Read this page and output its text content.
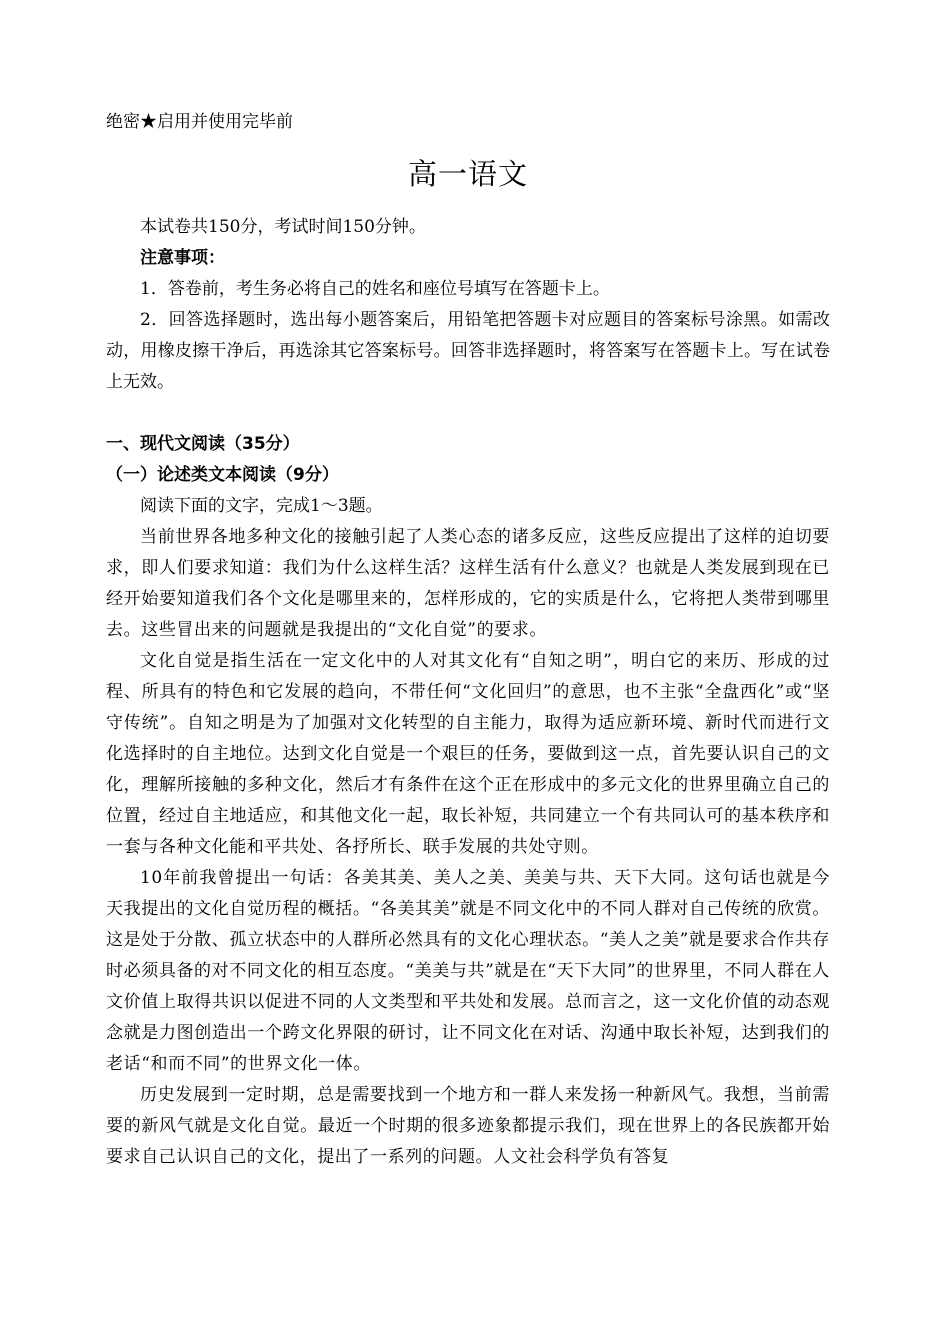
绝密★启用并使用完毕前
高一语文

本试卷共150分，考试时间150分钟。

注意事项：

1．答卷前，考生务必将自己的姓名和座位号填写在答题卡上。

2．回答选择题时，选出每小题答案后，用铅笔把答题卡对应题目的答案标号涂黑。如需改动，用橡皮擦干净后，再选涂其它答案标号。回答非选择题时，将答案写在答题卡上。写在试卷上无效。

一、现代文阅读（35分）

（一）论述类文本阅读（9分）

阅读下面的文字，完成1～3题。

当前世界各地多种文化的接触引起了人类心态的诸多反应，这些反应提出了这样的迫切要求，即人们要求知道：我们为什么这样生活？这样生活有什么意义？也就是人类发展到现在已经开始要知道我们各个文化是哪里来的，怎样形成的，它的实质是什么，它将把人类带到哪里去。这些冒出来的问题就是我提出的“文化自觉”的要求。

文化自觉是指生活在一定文化中的人对其文化有“自知之明”，明白它的来历、形成的过程、所具有的特色和它发展的趋向，不带任何“文化回归”的意思，也不主张“全盘西化”或“坚守传统”。自知之明是为了加强对文化转型的自主能力，取得为适应新环境、新时代而进行文化选择时的自主地位。达到文化自觉是一个艰巨的任务，要做到这一点，首先要认识自己的文化，理解所接触的多种文化，然后才有条件在这个正在形成中的多元文化的世界里确立自己的位置，经过自主地适应，和其他文化一起，取长补短，共同建立一个有共同认可的基本秩序和一套与各种文化能和平共处、各抒所长、联手发展的共处守则。

10年前我曾提出一句话：各美其美、美人之美、美美与共、天下大同。这句话也就是今天我提出的文化自觉历程的概括。“各美其美”就是不同文化中的不同人群对自己传统的欣赏。这是处于分散、孤立状态中的人群所必然具有的文化心理状态。“美人之美”就是要求合作共存时必须具备的对不同文化的相互态度。“美美与共”就是在“天下大同”的世界里，不同人群在人文价值上取得共识以促进不同的人文类型和平共处和发展。总而言之，这一文化价值的动态观念就是力图创造出一个跨文化界限的研讨，让不同文化在对话、沟通中取长补短，达到我们的老话“和而不同”的世界文化一体。

历史发展到一定时期，总是需要找到一个地方和一群人来发扬一种新风气。我想，当前需要的新风气就是文化自觉。最近一个时期的很多迹象都提示我们，现在世界上的各民族都开始要求自己认识自己的文化，提出了一系列的问题。人文社会科学负有答复
